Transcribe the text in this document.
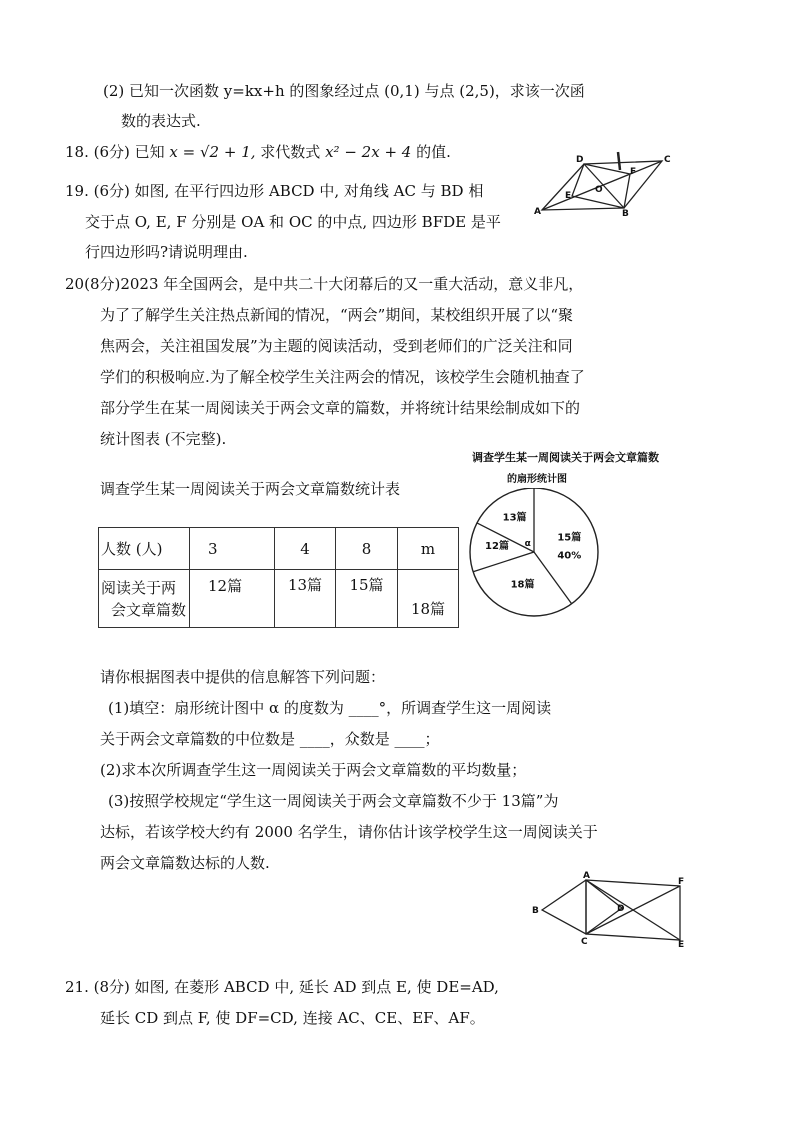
(2) 已知一次函数 y=kx+h 的图象经过点 (0,1) 与点 (2,5)，求该一次函
数的表达式.
18. (6分) 已知 x = √2 + 1, 求代数式 x² − 2x + 4 的值.
19. (6分) 如图, 在平行四边形 ABCD 中, 对角线 AC 与 BD 相
交于点 O, E, F 分别是 OA 和 OC 的中点, 四边形 BFDE 是平
行四边形吗?请说明理由.
D	C
F
O
E
A	B
20(8分)2023 年全国两会，是中共二十大闭幕后的又一重大活动，意义非凡，
为了了解学生关注热点新闻的情况，“两会”期间，某校组织开展了以“聚
焦两会，关注祖国发展”为主题的阅读活动，受到老师们的广泛关注和同
学们的积极响应.为了解全校学生关注两会的情况，该校学生会随机抽查了
部分学生在某一周阅读关于两会文章的篇数，并将统计结果绘制成如下的
统计图表 (不完整).
调查学生某一周阅读关于两会文章篇数统计表
人数 (人)	3	4	8	m

阅读关于两
会文章篇数	12篇	13篇	15篇	18篇
调查学生某一周阅读关于两会文章篇数
的扇形统计图
15篇
40%
18篇
12篇
13篇
α
请你根据图表中提供的信息解答下列问题：
(1)填空：扇形统计图中 α 的度数为 ____°，所调查学生这一周阅读
关于两会文章篇数的中位数是 ____，众数是 ____；
(2)求本次所调查学生这一周阅读关于两会文章篇数的平均数量；
(3)按照学校规定“学生这一周阅读关于两会文章篇数不少于 13篇”为
达标，若该学校大约有 2000 名学生，请你估计该学校学生这一周阅读关于
两会文章篇数达标的人数.
A
F
B	D
C	E
21. (8分) 如图, 在菱形 ABCD 中, 延长 AD 到点 E, 使 DE=AD,
延长 CD 到点 F, 使 DF=CD, 连接 AC、CE、EF、AF。
